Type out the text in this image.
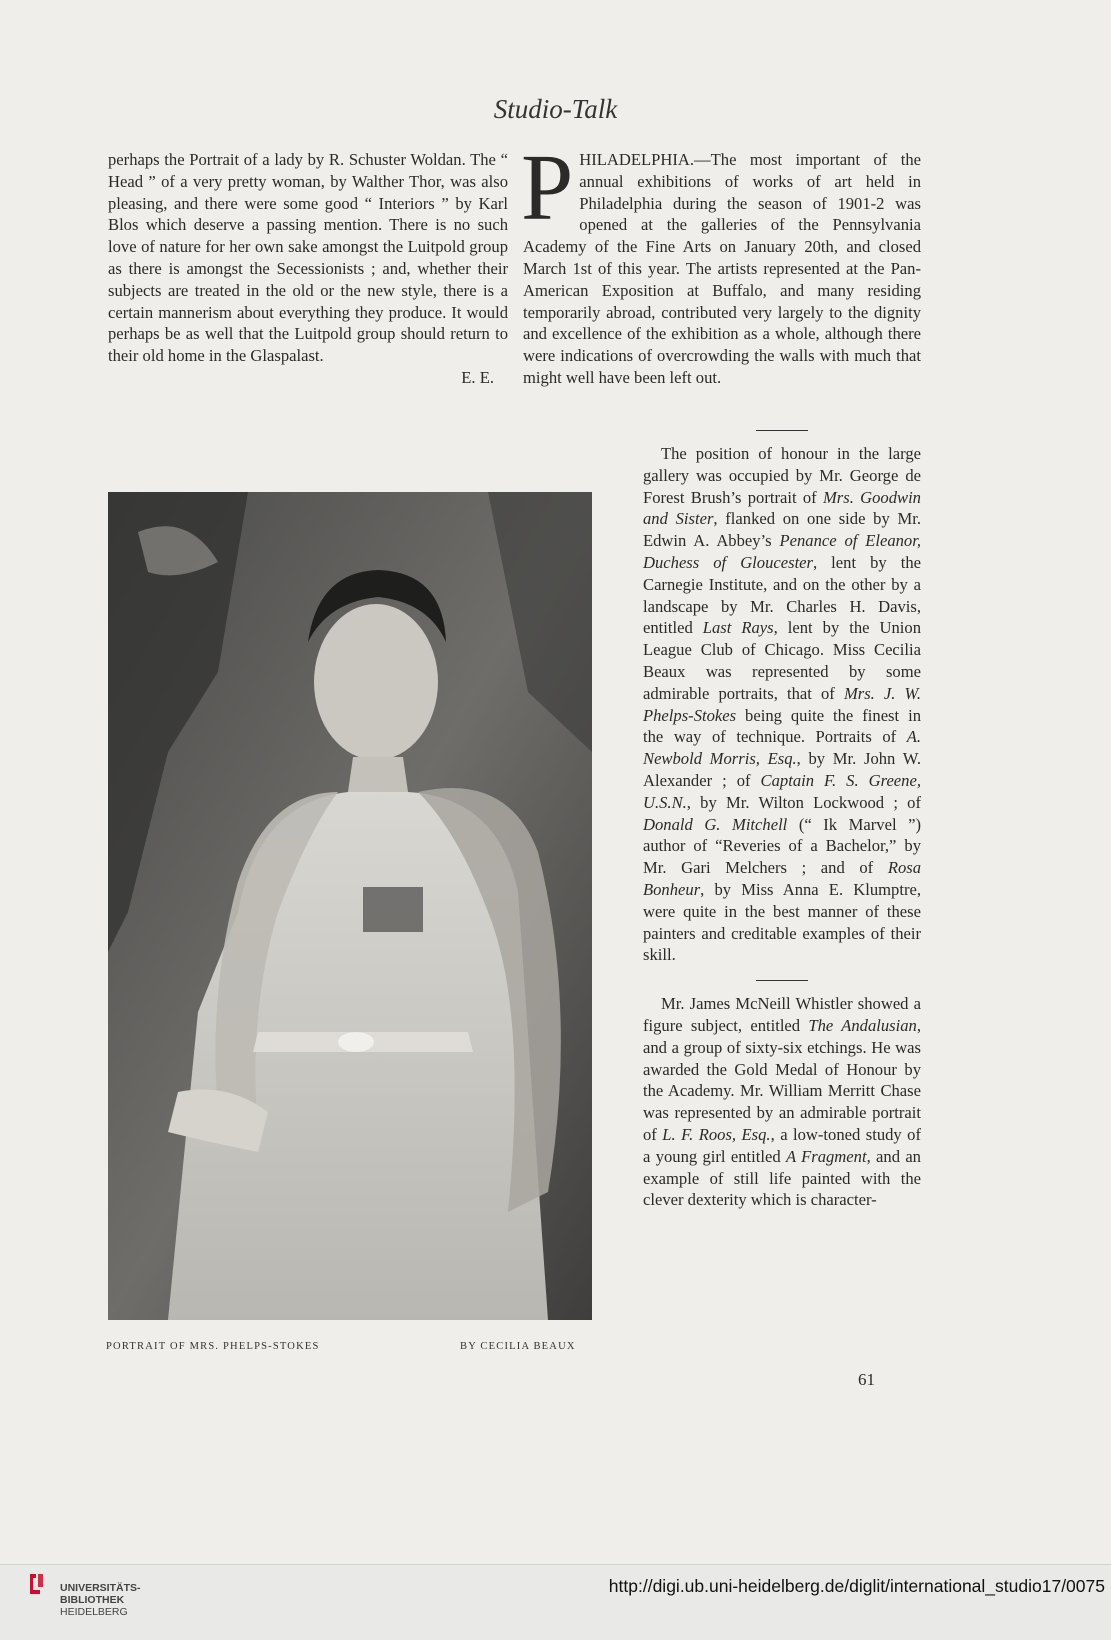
Studio-Talk

perhaps the Portrait of a lady by R. Schuster Woldan. The “ Head ” of a very pretty woman, by Walther Thor, was also pleasing, and there were some good “ Interiors ” by Karl Blos which deserve a passing mention. There is no such love of nature for her own sake amongst the Luitpold group as there is amongst the Secessionists ; and, whether their subjects are treated in the old or the new style, there is a certain mannerism about everything they produce. It would perhaps be as well that the Luitpold group should return to their old home in the Glaspalast.

E. E.

P HILADELPHIA.—The most important of the annual exhibitions of works of art held in Philadelphia during the season of 1901-2 was opened at the galleries of the Pennsylvania Academy of the Fine Arts on January 20th, and closed March 1st of this year. The artists represented at the Pan-American Exposition at Buffalo, and many residing temporarily abroad, contributed very largely to the dignity and excellence of the exhibition as a whole, although there were indications of overcrowding the walls with much that might well have been left out.

The position of honour in the large gallery was occupied by Mr. George de Forest Brush’s portrait of Mrs. Goodwin and Sister, flanked on one side by Mr. Edwin A. Abbey’s Penance of Eleanor, Duchess of Gloucester, lent by the Carnegie Institute, and on the other by a landscape by Mr. Charles H. Davis, entitled Last Rays, lent by the Union League Club of Chicago. Miss Cecilia Beaux was represented by some admirable portraits, that of Mrs. J. W. Phelps-Stokes being quite the finest in the way of technique. Portraits of A. Newbold Morris, Esq., by Mr. John W. Alexander ; of Captain F. S. Greene, U.S.N., by Mr. Wilton Lockwood ; of Donald G. Mitchell (“ Ik Marvel ”) author of “Reveries of a Bachelor,” by Mr. Gari Melchers ; and of Rosa Bonheur, by Miss Anna E. Klumptre, were quite in the best manner of these painters and creditable examples of their skill.

Mr. James McNeill Whistler showed a figure subject, entitled The Andalusian, and a group of sixty-six etchings. He was awarded the Gold Medal of Honour by the Academy. Mr. William Merritt Chase was represented by an admirable portrait of L. F. Roos, Esq., a low-toned study of a young girl entitled A Fragment, and an example of still life painted with the clever dexterity which is character-

PORTRAIT OF MRS. PHELPS-STOKES	BY CECILIA BEAUX
61
UNIVERSITÄTS-
BIBLIOTHEK
HEIDELBERG
http://digi.ub.uni-heidelberg.de/diglit/international_studio17/0075
